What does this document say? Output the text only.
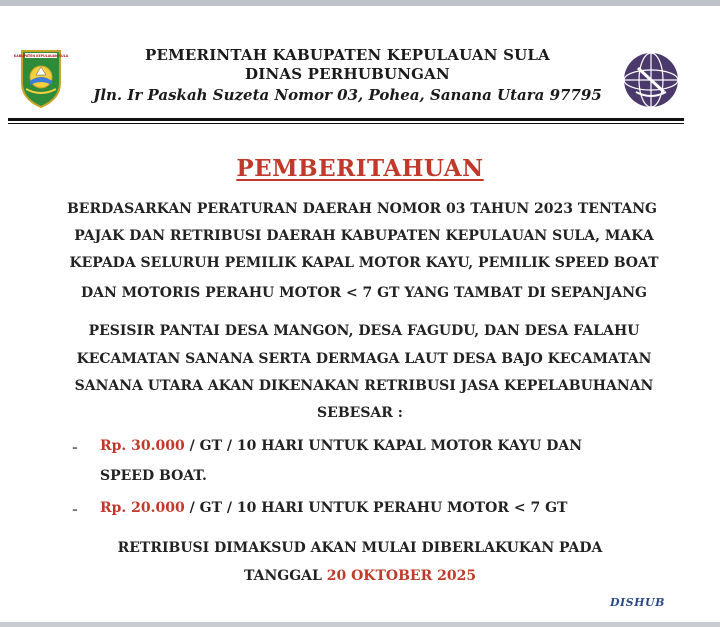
KABUPATEN KEPULAUAN SULA	PEMERINTAH KABUPATEN KEPULAUAN SULA
DINAS PERHUBUNGAN
Jln. Ir Paskah Suzeta Nomor 03, Pohea, Sanana Utara 97795
PEMBERITAHUAN
BERDASARKAN PERATURAN DAERAH NOMOR 03 TAHUN 2023 TENTANG
PAJAK DAN RETRIBUSI DAERAH KABUPATEN KEPULAUAN SULA, MAKA
KEPADA SELURUH PEMILIK KAPAL MOTOR KAYU, PEMILIK SPEED BOAT
DAN MOTORIS PERAHU MOTOR < 7 GT YANG TAMBAT DI SEPANJANG
PESISIR PANTAI DESA MANGON, DESA FAGUDU, DAN DESA FALAHU
KECAMATAN SANANA SERTA DERMAGA LAUT DESA BAJO KECAMATAN
SANANA UTARA AKAN DIKENAKAN RETRIBUSI JASA KEPELABUHANAN
SEBESAR :
- Rp. 30.000 / GT / 10 HARI UNTUK KAPAL MOTOR KAYU DAN
SPEED BOAT.
- Rp. 20.000 / GT / 10 HARI UNTUK PERAHU MOTOR < 7 GT
RETRIBUSI DIMAKSUD AKAN MULAI DIBERLAKUKAN PADA
TANGGAL 20 OKTOBER 2025
DISHUB
